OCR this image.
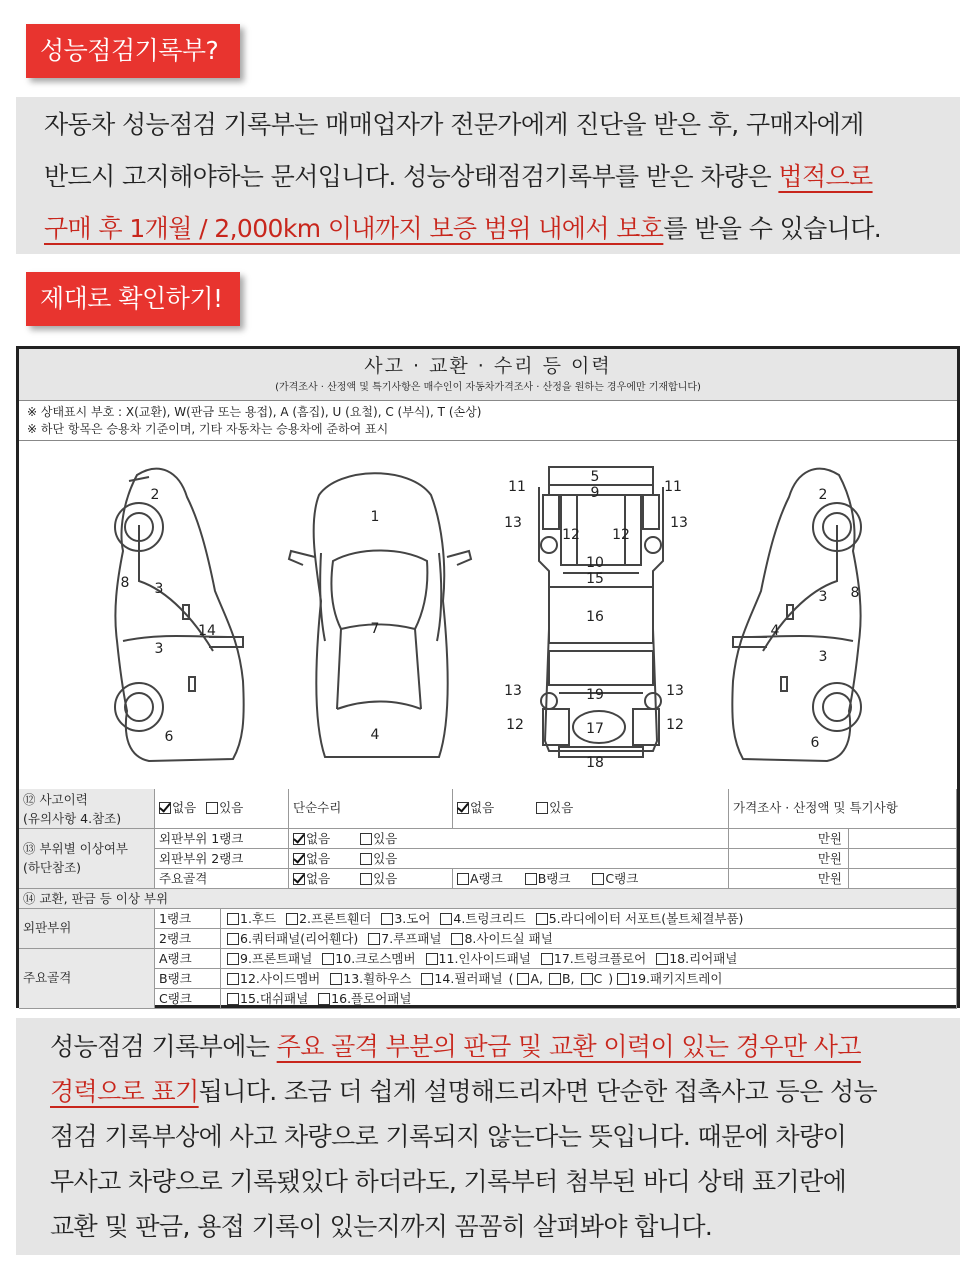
성능점검기록부?
자동차 성능점검 기록부는 매매업자가 전문가에게 진단을 받은 후, 구매자에게
반드시 고지해야하는 문서입니다. 성능상태점검기록부를 받은 차량은 법적으로
구매 후 1개월 / 2,000km 이내까지 보증 범위 내에서 보호를 받을 수 있습니다.
제대로 확인하기!
사고 · 교환 · 수리 등 이력
(가격조사 · 산정액 및 특기사항은 매수인이 자동차가격조사 · 산정을 원하는 경우에만 기재합니다)
※ 상태표시 부호 : X(교환), W(판금 또는 용접), A (흠집), U (요철), C (부식), T (손상)
※ 하단 항목은 승용차 기준이며, 기타 자동차는 승용차에 준하여 표시
2
8 3
3
14
6
1
7
4
5
9
11	11
13	13
12 12
10
15
16
13	19	13
12	17	12
18
2
3 8
4
3
6
⑫ 사고이력
(유의사항 4.참조)
없음 있음	단순수리	없음	있음	가격조사 · 산정액 및 특기사항
⑬ 부위별 이상여부
(하단참조)
외판부위 1랭크	없음	있음	만원
외판부위 2랭크	없음	있음	만원
주요골격	없음	있음	A랭크	B랭크	C랭크	만원
⑭ 교환, 판금 등 이상 부위
외판부위
1랭크	1.후드 2.프론트휀더 3.도어 4.트렁크리드 5.라디에이터 서포트(볼트체결부품)
2랭크	6.쿼터패널(리어휀다) 7.루프패널 8.사이드실 패널
주요골격
A랭크	9.프론트패널 10.크로스멤버 11.인사이드패널 17.트렁크플로어 18.리어패널
B랭크	12.사이드멤버 13.휠하우스 14.필러패널 ( A, B, C ) 19.패키지트레이
C랭크	15.대쉬패널 16.플로어패널
성능점검 기록부에는 주요 골격 부분의 판금 및 교환 이력이 있는 경우만 사고
경력으로 표기됩니다. 조금 더 쉽게 설명해드리자면 단순한 접촉사고 등은 성능
점검 기록부상에 사고 차량으로 기록되지 않는다는 뜻입니다. 때문에 차량이
무사고 차량으로 기록됐있다 하더라도, 기록부터 첨부된 바디 상태 표기란에
교환 및 판금, 용접 기록이 있는지까지 꼼꼼히 살펴봐야 합니다.
